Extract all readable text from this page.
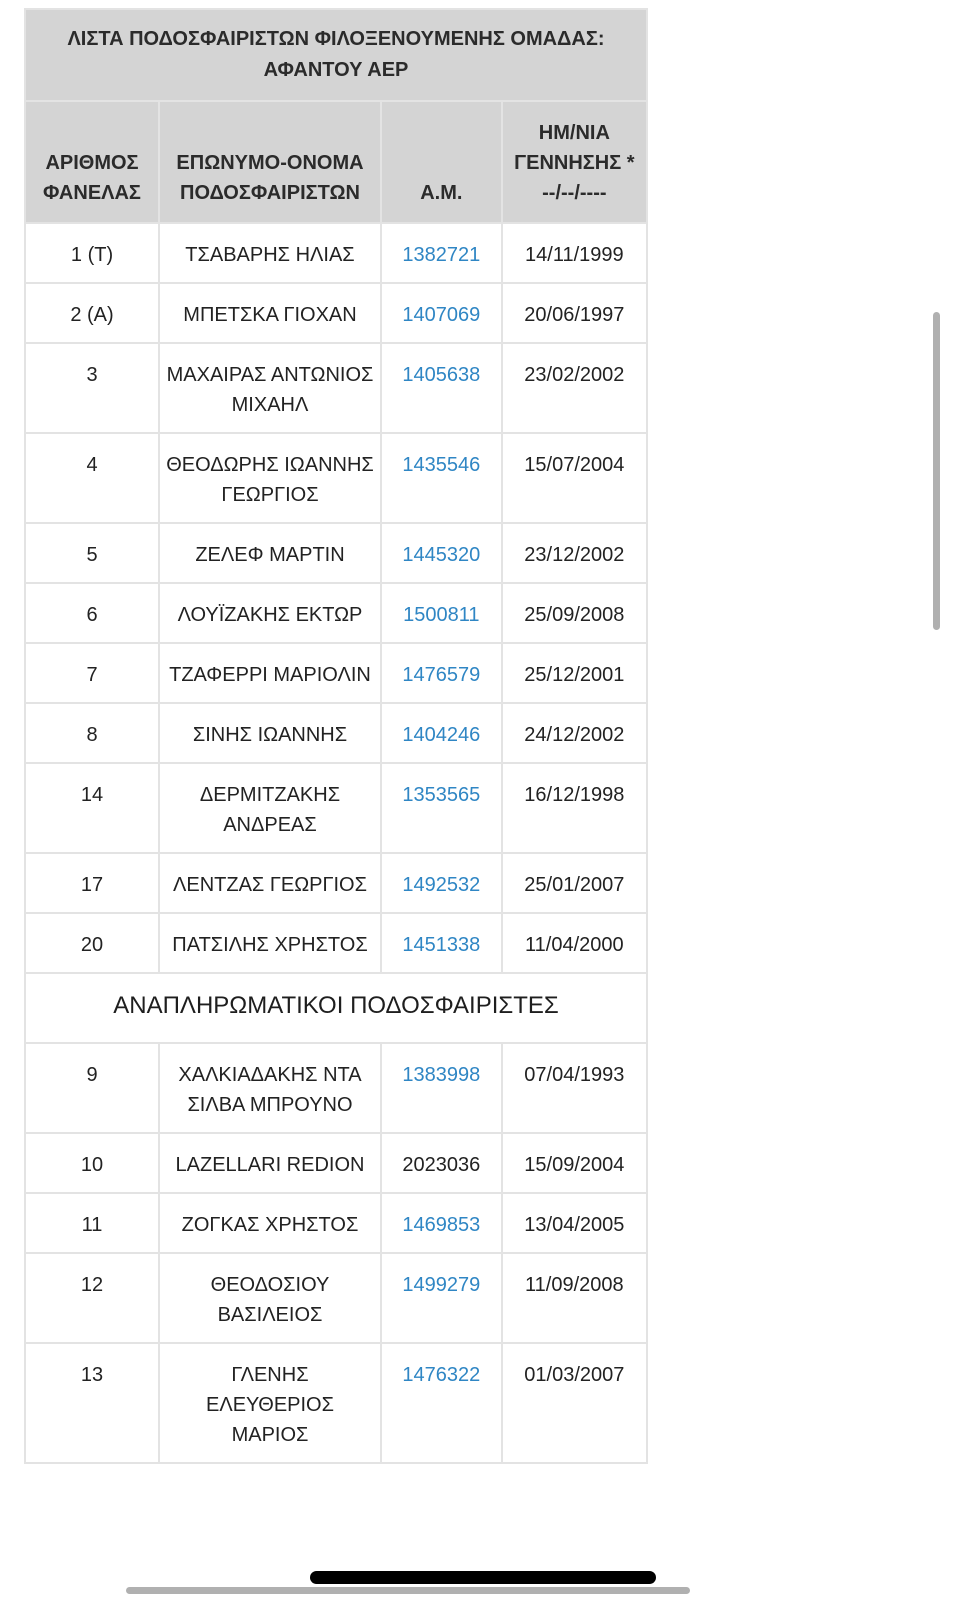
ΛΙΣΤΑ ΠΟΔΟΣΦΑΙΡΙΣΤΩΝ ΦΙΛΟΞΕΝΟΥΜΕΝΗΣ ΟΜΑΔΑΣ: ΑΦΑΝΤΟΥ ΑΕΡ			
ΑΡΙΘΜΟΣ ΦΑΝΕΛΑΣ	ΕΠΩΝΥΜΟ-ΟΝΟΜΑ ΠΟΔΟΣΦΑΙΡΙΣΤΩΝ	Α.Μ.	ΗΜ/ΝΙΑ ΓΕΝΝΗΣΗΣ * --/--/----
1 (Τ)	ΤΣΑΒΑΡΗΣ ΗΛΙΑΣ	1382721	14/11/1999
2 (Α)	ΜΠΕΤΣΚΑ ΓΙΟΧΑΝ	1407069	20/06/1997
3	ΜΑΧΑΙΡΑΣ ΑΝΤΩΝΙΟΣ ΜΙΧΑΗΛ	1405638	23/02/2002
4	ΘΕΟΔΩΡΗΣ ΙΩΑΝΝΗΣ ΓΕΩΡΓΙΟΣ	1435546	15/07/2004
5	ΖΕΛΕΦ ΜΑΡΤΙΝ	1445320	23/12/2002
6	ΛΟΥΪΖΑΚΗΣ ΕΚΤΩΡ	1500811	25/09/2008
7	ΤΖΑΦΕΡΡΙ ΜΑΡΙΟΛΙΝ	1476579	25/12/2001
8	ΣΙΝΗΣ ΙΩΑΝΝΗΣ	1404246	24/12/2002
14	ΔΕΡΜΙΤΖΑΚΗΣ ΑΝΔΡΕΑΣ	1353565	16/12/1998
17	ΛΕΝΤΖΑΣ ΓΕΩΡΓΙΟΣ	1492532	25/01/2007
20	ΠΑΤΣΙΛΗΣ ΧΡΗΣΤΟΣ	1451338	11/04/2000
ΑΝΑΠΛΗΡΩΜΑΤΙΚΟΙ ΠΟΔΟΣΦΑΙΡΙΣΤΕΣ			
9	ΧΑΛΚΙΑΔΑΚΗΣ ΝΤΑ ΣΙΛΒΑ ΜΠΡΟΥΝΟ	1383998	07/04/1993
10	LAZELLARI REDION	2023036	15/09/2004
11	ΖΟΓΚΑΣ ΧΡΗΣΤΟΣ	1469853	13/04/2005
12	ΘΕΟΔΟΣΙΟΥ ΒΑΣΙΛΕΙΟΣ	1499279	11/09/2008
13	ΓΛΕΝΗΣ ΕΛΕΥΘΕΡΙΟΣ ΜΑΡΙΟΣ	1476322	01/03/2007
